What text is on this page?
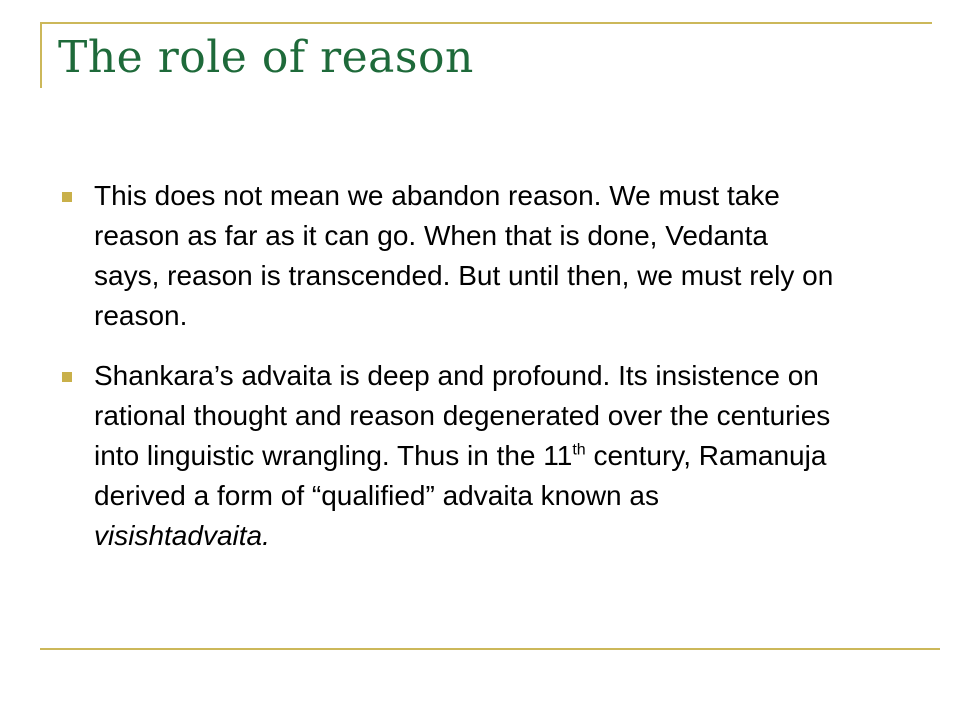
The role of reason
This does not mean we abandon reason. We must take reason as far as it can go. When that is done, Vedanta says, reason is transcended. But until then, we must rely on reason.
Shankara’s advaita is deep and profound. Its insistence on rational thought and reason degenerated over the centuries into linguistic wrangling. Thus in the 11th century, Ramanuja derived a form of “qualified” advaita known as visishtadvaita.
